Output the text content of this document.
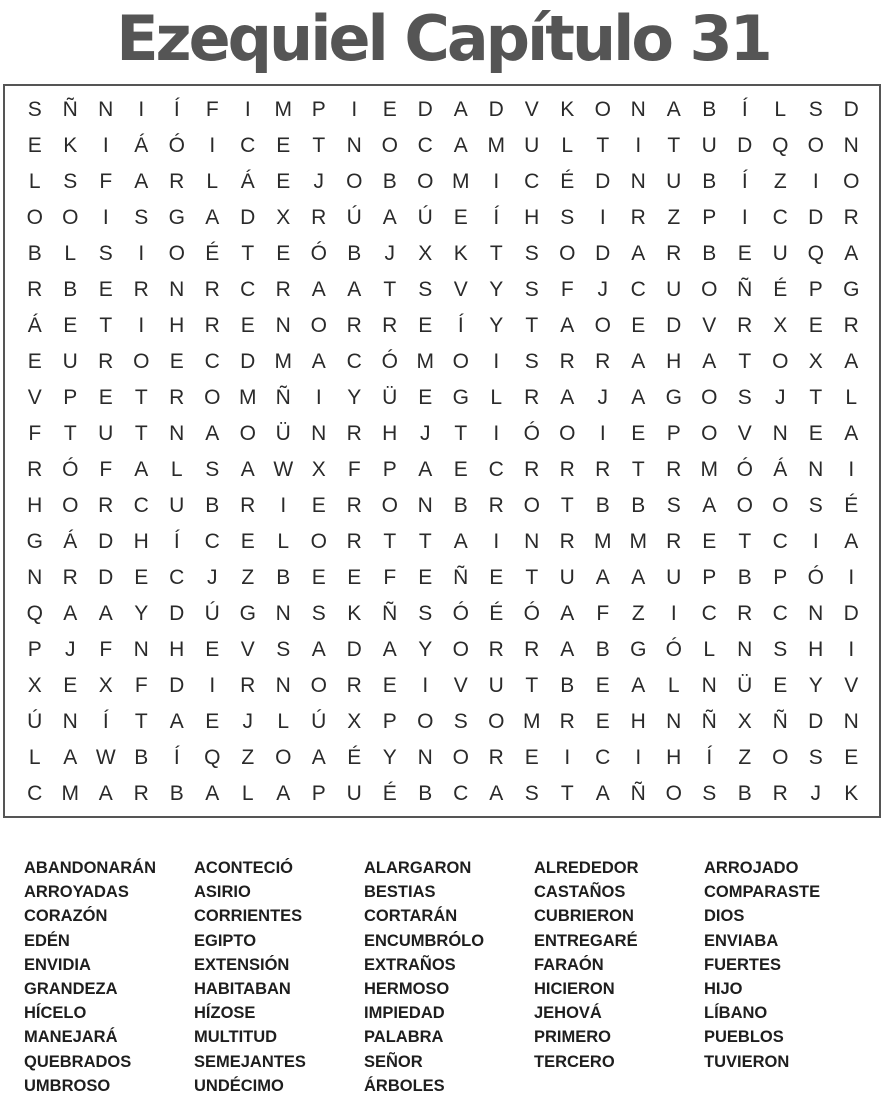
Ezequiel Capítulo 31
S Ñ N	I	Í	F	I	M P	I	E D A D V	K O N A	B	Í	L	S D
E	K	I	Á Ó	I	C E	T	N O C A M U	L	T	I	T	U D Q O N
L	S	F	A R	L	Á	E	J	O B O M	I	C É D N U B	Í	Z	I	O
O O	I	S G A D X R Ú A Ú E	Í	H S	I	R	Z	P	I	C D R
B	L	S	I	O É	T	E Ó B	J	X	K	T	S O D A R B	E U Q A
R B	E R N R C R A	A	T	S	V	Y	S	F	J	C U O Ñ É	P G
Á	E	T	I	H R E N O R R E	Í	Y	T	A O E D V R X	E R
E U R O E C D M A C Ó M O	I	S R R A H A	T O X	A
V	P	E	T	R O M Ñ	I	Y Ü E G	L	R A	J	A G O S	J	T	L
F	T	U	T	N A O Ü N R H	J	T	I	Ó O	I	E	P O V N E	A
R Ó F	A	L	S	A W X	F	P	A	E C R R R	T	R M Ó Á N	I
H O R C U B R	I	E R O N B R O T	B	B	S	A O O S	É
G Á D H	Í	C E	L	O R	T	T	A	I	N R M M R E	T	C	I	A
N R D E C	J	Z	B	E	E	F	E Ñ E	T	U A	A U P	B	P Ó	I
Q A	A	Y D Ú G N S	K Ñ S Ó É Ó A	F	Z	I	C R C N D
P	J	F	N H E	V	S	A D A	Y O R R A	B G Ó	L	N S H	I
X	E	X	F	D	I	R N O R E	I	V U	T	B	E	A	L	N Ü E	Y	V
Ú N	Í	T	A	E	J	L	Ú X	P O S O M R E H N Ñ X Ñ D N
L	A W B	Í	Q Z O A	É	Y N O R E	I	C	I	H	Í	Z O S	E
C M A R B	A	L	A	P U É	B C A	S	T	A Ñ O S	B R	J	K
ABANDONARÁN
ARROYADAS
CORAZÓN
EDÉN
ENVIDIA
GRANDEZA
HÍCELO
MANEJARÁ
QUEBRADOS
UMBROSO
ACONTECIÓ
ASIRIO
CORRIENTES
EGIPTO
EXTENSIÓN
HABITABAN
HÍZOSE
MULTITUD
SEMEJANTES
UNDÉCIMO
ALARGARON
BESTIAS
CORTARÁN
ENCUMBRÓLO
EXTRAÑOS
HERMOSO
IMPIEDAD
PALABRA
SEÑOR
ÁRBOLES
ALREDEDOR
CASTAÑOS
CUBRIERON
ENTREGARÉ
FARAÓN
HICIERON
JEHOVÁ
PRIMERO
TERCERO
ARROJADO
COMPARASTE
DIOS
ENVIABA
FUERTES
HIJO
LÍBANO
PUEBLOS
TUVIERON
